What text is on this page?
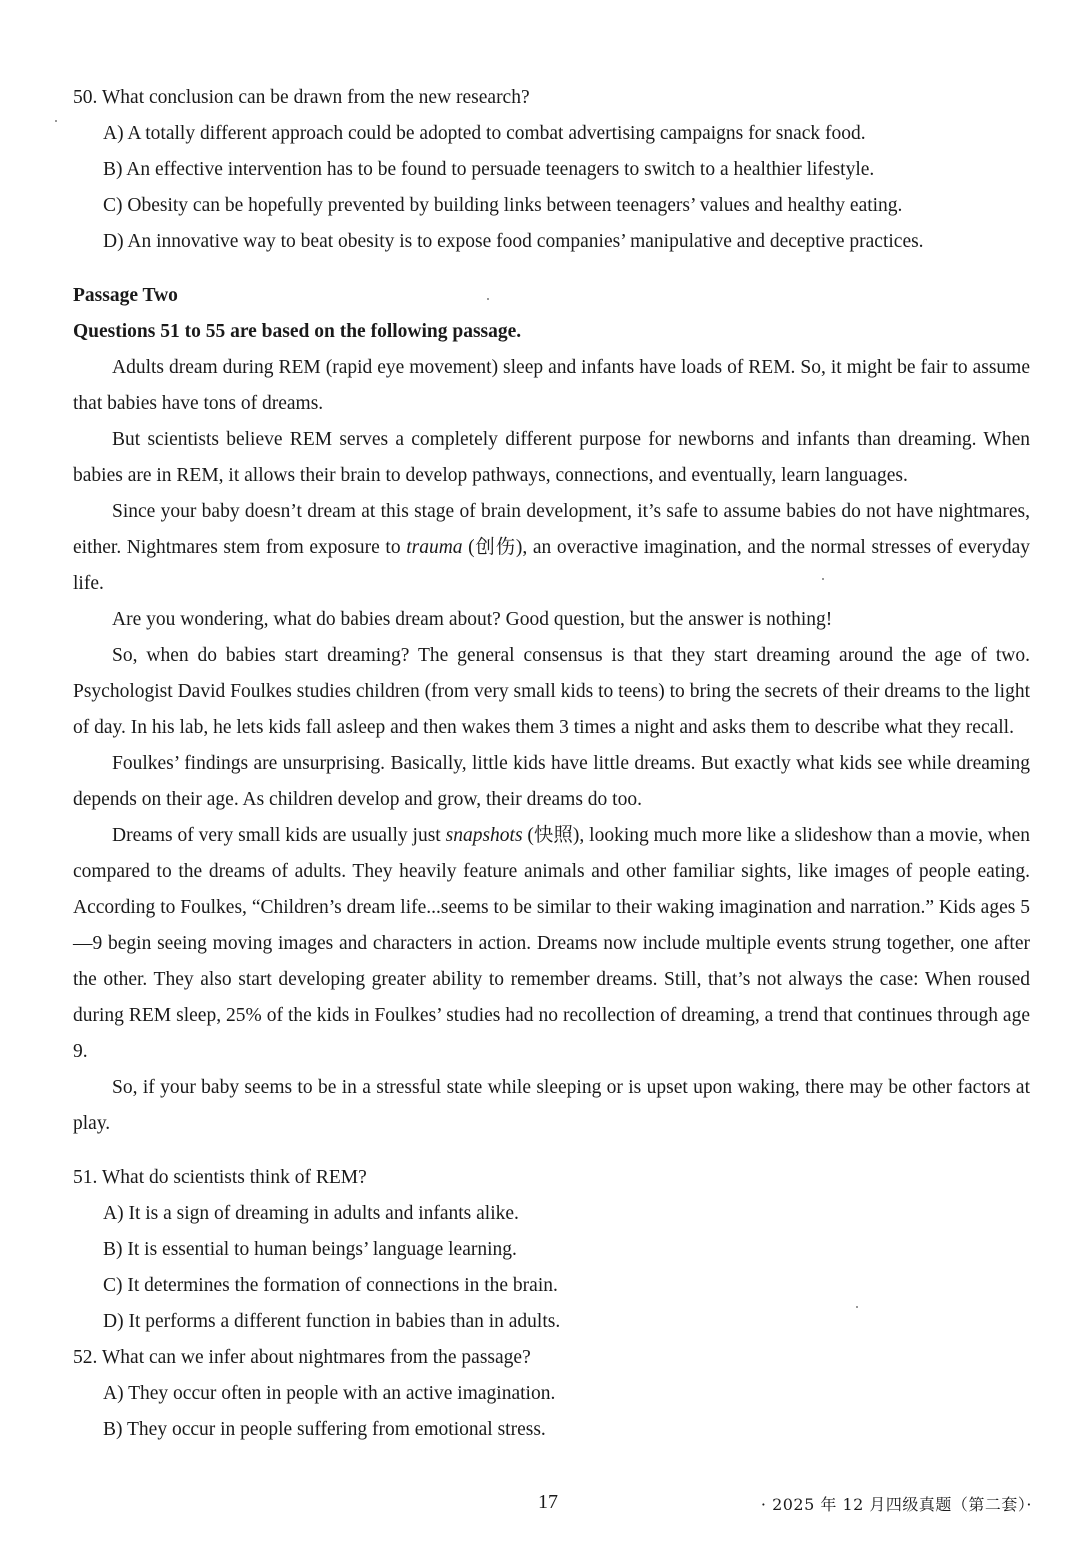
50. What conclusion can be drawn from the new research?

A) A totally different approach could be adopted to combat advertising campaigns for snack food.

B) An effective intervention has to be found to persuade teenagers to switch to a healthier lifestyle.

C) Obesity can be hopefully prevented by building links between teenagers’ values and healthy eating.

D) An innovative way to beat obesity is to expose food companies’ manipulative and deceptive practices.

Passage Two

Questions 51 to 55 are based on the following passage.

Adults dream during REM (rapid eye movement) sleep and infants have loads of REM. So, it might be fair to assume that babies have tons of dreams.

But scientists believe REM serves a completely different purpose for newborns and infants than dreaming. When babies are in REM, it allows their brain to develop pathways, connections, and eventually, learn languages.

Since your baby doesn’t dream at this stage of brain development, it’s safe to assume babies do not have nightmares, either. Nightmares stem from exposure to trauma (创伤), an overactive imagination, and the normal stresses of everyday life.

Are you wondering, what do babies dream about? Good question, but the answer is nothing!

So, when do babies start dreaming? The general consensus is that they start dreaming around the age of two. Psychologist David Foulkes studies children (from very small kids to teens) to bring the secrets of their dreams to the light of day. In his lab, he lets kids fall asleep and then wakes them 3 times a night and asks them to describe what they recall.

Foulkes’ findings are unsurprising. Basically, little kids have little dreams. But exactly what kids see while dreaming depends on their age. As children develop and grow, their dreams do too.

Dreams of very small kids are usually just snapshots (快照), looking much more like a slideshow than a movie, when compared to the dreams of adults. They heavily feature animals and other familiar sights, like images of people eating. According to Foulkes, “Children’s dream life...seems to be similar to their waking imagination and narration.” Kids ages 5—9 begin seeing moving images and characters in action. Dreams now include multiple events strung together, one after the other. They also start developing greater ability to remember dreams. Still, that’s not always the case: When roused during REM sleep, 25% of the kids in Foulkes’ studies had no recollection of dreaming, a trend that continues through age 9.

So, if your baby seems to be in a stressful state while sleeping or is upset upon waking, there may be other factors at play.

51. What do scientists think of REM?

A) It is a sign of dreaming in adults and infants alike.

B) It is essential to human beings’ language learning.

C) It determines the formation of connections in the brain.

D) It performs a different function in babies than in adults.

52. What can we infer about nightmares from the passage?

A) They occur often in people with an active imagination.

B) They occur in people suffering from emotional stress.

17	· 2025 年 12 月四级真题（第二套）·
